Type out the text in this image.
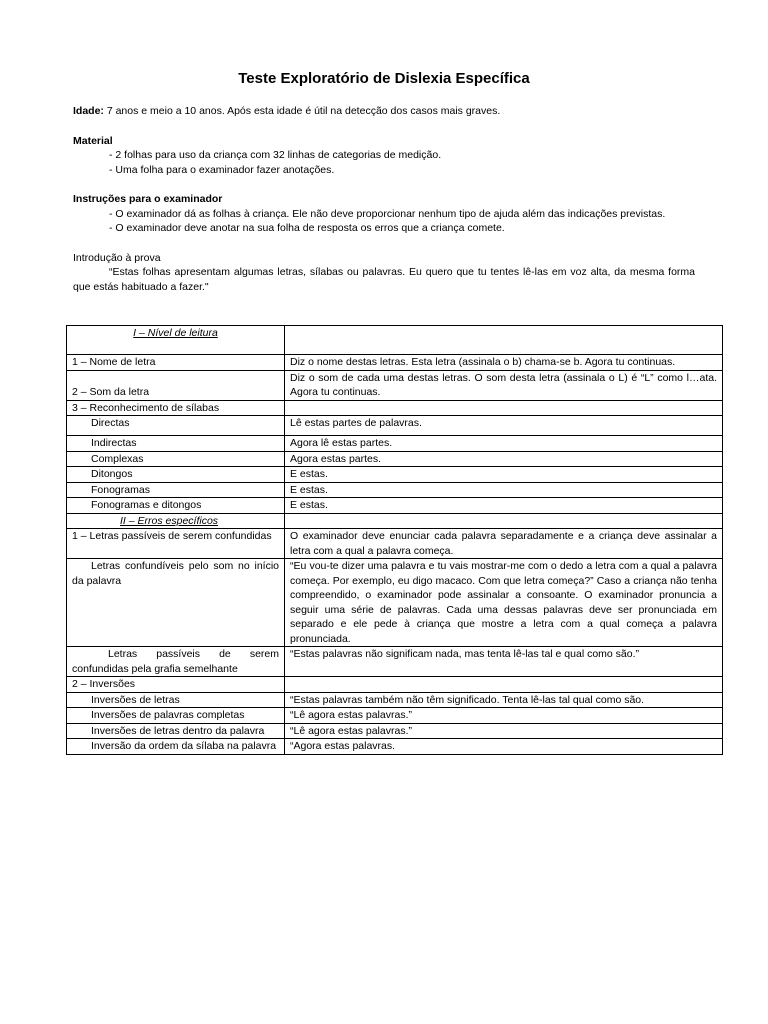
Teste Exploratório de Dislexia Específica

Idade: 7 anos e meio a 10 anos. Após esta idade é útil na detecção dos casos mais graves.

Material
- 2 folhas para uso da criança com 32 linhas de categorias de medição.
- Uma folha para o examinador fazer anotações.
Instruções para o examinador
- O examinador dá as folhas à criança. Ele não deve proporcionar nenhum tipo de ajuda além das indicações previstas.
- O examinador deve anotar na sua folha de resposta os erros que a criança comete.
Introdução à prova
“Estas folhas apresentam algumas letras, sílabas ou palavras. Eu quero que tu tentes lê-las em voz alta, da mesma forma que estás habituado a fazer."
I – Nível de leitura	

1 – Nome de letra	Diz o nome destas letras. Esta letra (assinala o b) chama-se b. Agora tu continuas.
2 – Som da letra	Diz o som de cada uma destas letras. O som desta letra (assinala o L) é “L” como l…ata. Agora tu continuas.
3 – Reconhecimento de sílabas	
Directas	Lê estas partes de palavras.
Indirectas	Agora lê estas partes.
Complexas	Agora estas partes.
Ditongos	E estas.
Fonogramas	E estas.
Fonogramas e ditongos	E estas.

II – Erros específicos	

1 – Letras passíveis de serem confundidas	O examinador deve enunciar cada palavra separadamente e a criança deve assinalar a letra com a qual a palavra começa.
Letras confundíveis pelo som no início da palavra	“Eu vou-te dizer uma palavra e tu vais mostrar-me com o dedo a letra com a qual a palavra começa. Por exemplo, eu digo macaco. Com que letra começa?” Caso a criança não tenha compreendido, o examinador pode assinalar a consoante. O examinador pronuncia a seguir uma série de palavras. Cada uma dessas palavras deve ser pronunciada em separado e ele pede à criança que mostre a letra com a qual começa a palavra pronunciada.
Letras passíveis de serem confundidas pela grafia semelhante	“Estas palavras não significam nada, mas tenta lê-las tal e qual como são.”
2 – Inversões	
Inversões de letras	“Estas palavras também não têm significado. Tenta lê-las tal qual como são.
Inversões de palavras completas	“Lê agora estas palavras.”
Inversões de letras dentro da palavra	“Lê agora estas palavras.”
Inversão da ordem da sílaba na palavra	“Agora estas palavras.
